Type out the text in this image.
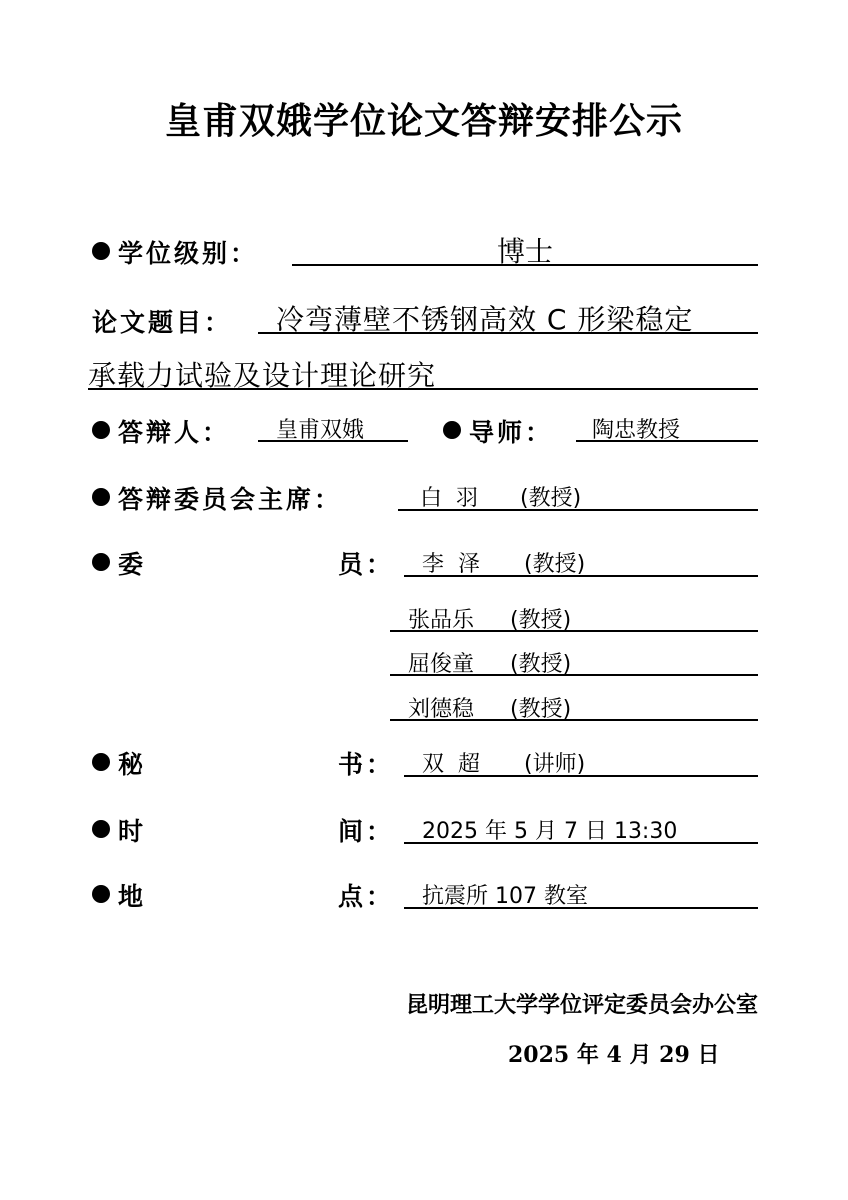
皇甫双娥学位论文答辩安排公示
学位级别：	博士
论文题目： 冷弯薄壁不锈钢高效 C 形梁稳定
承载力试验及设计理论研究
答辩人： 皇甫双娥	导师： 陶忠教授
答辩委员会主席：	白  羽 (教授)
委	员： 李  泽 (教授)
张品乐 (教授)
屈俊童 (教授)
刘德稳 (教授)
秘	书： 双  超 (讲师)
时	间： 2025 年 5 月 7 日 13:30
地	点： 抗震所 107 教室
昆明理工大学学位评定委员会办公室
2025 年 4 月 29 日
